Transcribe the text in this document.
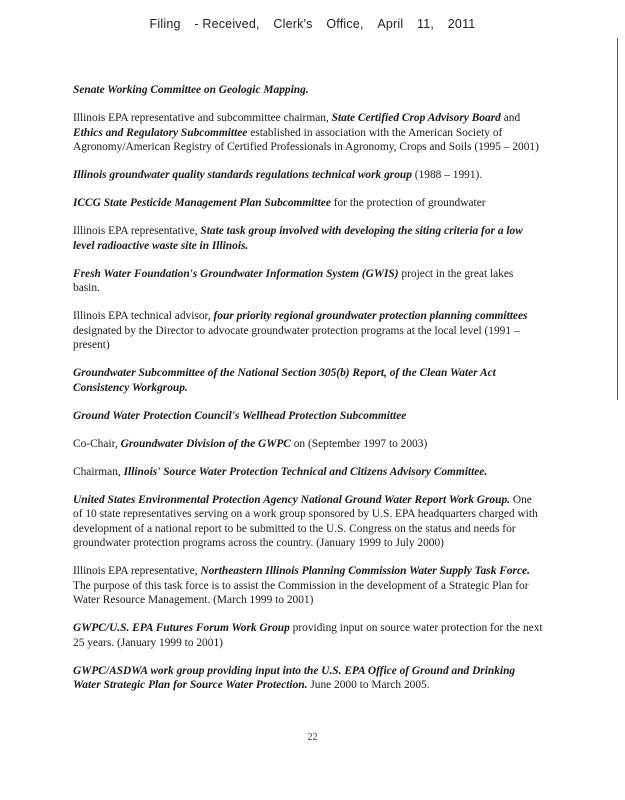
Filing - Received, Clerk's Office, April 11, 2011

Senate Working Committee on Geologic Mapping.

Illinois EPA representative and subcommittee chairman, State Certified Crop Advisory Board and Ethics and Regulatory Subcommittee established in association with the American Society of Agronomy/American Registry of Certified Professionals in Agronomy, Crops and Soils (1995 – 2001)

Illinois groundwater quality standards regulations technical work group (1988 – 1991).

ICCG State Pesticide Management Plan Subcommittee for the protection of groundwater

Illinois EPA representative, State task group involved with developing the siting criteria for a low level radioactive waste site in Illinois.

Fresh Water Foundation's Groundwater Information System (GWIS) project in the great lakes basin.

Illinois EPA technical advisor, four priority regional groundwater protection planning committees designated by the Director to advocate groundwater protection programs at the local level (1991 – present)

Groundwater Subcommittee of the National Section 305(b) Report, of the Clean Water Act Consistency Workgroup.

Ground Water Protection Council's Wellhead Protection Subcommittee

Co-Chair, Groundwater Division of the GWPC on (September 1997 to 2003)

Chairman, Illinois' Source Water Protection Technical and Citizens Advisory Committee.

United States Environmental Protection Agency National Ground Water Report Work Group. One of 10 state representatives serving on a work group sponsored by U.S. EPA headquarters charged with development of a national report to be submitted to the U.S. Congress on the status and needs for groundwater protection programs across the country. (January 1999 to July 2000)

Illinois EPA representative, Northeastern Illinois Planning Commission Water Supply Task Force. The purpose of this task force is to assist the Commission in the development of a Strategic Plan for Water Resource Management. (March 1999 to 2001)

GWPC/U.S. EPA Futures Forum Work Group providing input on source water protection for the next 25 years. (January 1999 to 2001)

GWPC/ASDWA work group providing input into the U.S. EPA Office of Ground and Drinking Water Strategic Plan for Source Water Protection. June 2000 to March 2005.

22
